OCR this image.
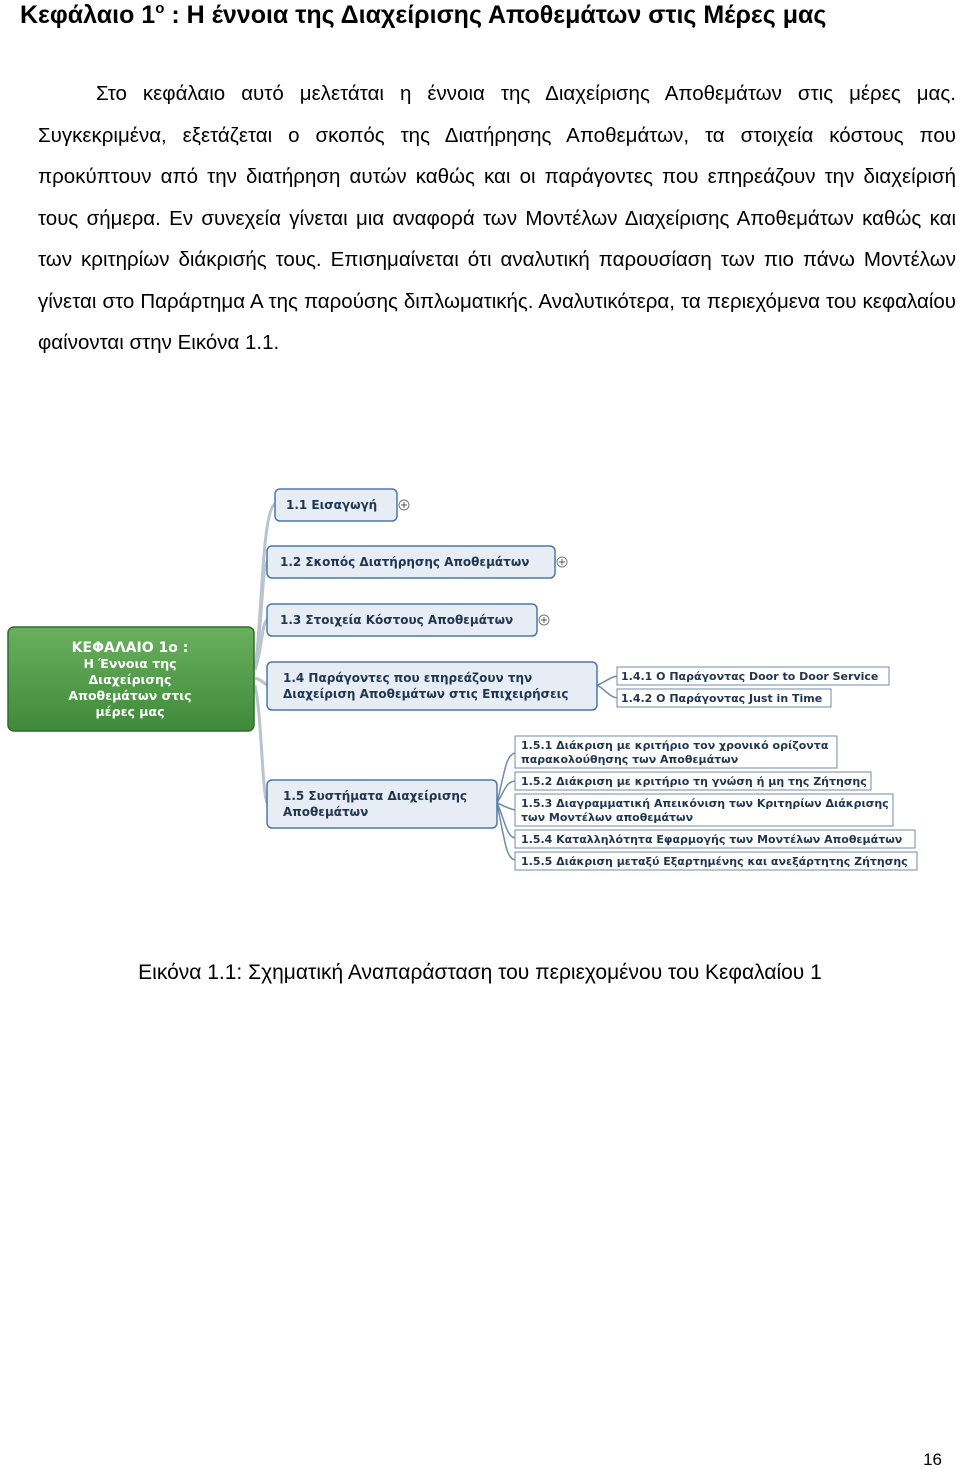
Κεφάλαιο $1^o$ : Η έννοια της Διαχείρισης Αποθεμάτων στις Μέρες μας

Στο κεφάλαιο αυτό μελετάται η έννοια της Διαχείρισης Αποθεμάτων στις μέρες μας. Συγκεκριμένα, εξετάζεται ο σκοπός της Διατήρησης Αποθεμάτων, τα στοιχεία κόστους που προκύπτουν από την διατήρηση αυτών καθώς και οι παράγοντες που επηρεάζουν την διαχείρισή τους σήμερα. Εν συνεχεία γίνεται μια αναφορά των Μοντέλων Διαχείρισης Αποθεμάτων καθώς και των κριτηρίων διάκρισής τους. Επισημαίνεται ότι αναλυτική παρουσίαση των πιο πάνω Μοντέλων γίνεται στο Παράρτημα Α της παρούσης διπλωματικής. Αναλυτικότερα, τα περιεχόμενα του κεφαλαίου φαίνονται στην Εικόνα 1.1.

ΚΕΦΑΛΑΙΟ 1ο :
Η Έννοια της
Διαχείρισης
Αποθεμάτων στις
μέρες μας
1.1 Εισαγωγή
1.2 Σκοπός Διατήρησης Αποθεμάτων
1.3 Στοιχεία Κόστους Αποθεμάτων
1.4 Παράγοντες που επηρεάζουν την
Διαχείριση Αποθεμάτων στις Επιχειρήσεις
1.5 Συστήματα Διαχείρισης
Αποθεμάτων
1.4.1 Ο Παράγοντας Door to Door Service
1.4.2 Ο Παράγοντας Just in Time
1.5.1 Διάκριση με κριτήριο τον χρονικό ορίζοντα
παρακολούθησης των Αποθεμάτων
1.5.2 Διάκριση με κριτήριο τη γνώση ή μη της Ζήτησης
1.5.3 Διαγραμματική Απεικόνιση των Κριτηρίων Διάκρισης
των Μοντέλων αποθεμάτων
1.5.4 Καταλληλότητα Εφαρμογής των Μοντέλων Αποθεμάτων
1.5.5 Διάκριση μεταξύ Εξαρτημένης και ανεξάρτητης Ζήτησης
Εικόνα 1.1: Σχηματική Αναπαράσταση του περιεχομένου του Κεφαλαίου 1
16
